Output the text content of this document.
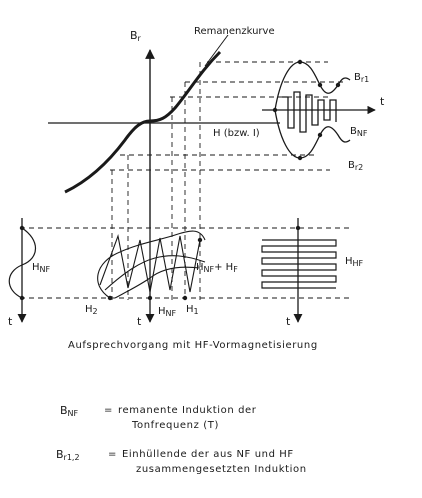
$B_r$
Remanenzkurve
t
H (bzw. I)
$B_{r1}$
$B_{NF}$
$B_{r2}$
$H_{NF}$	$H_{NF}+ H_F$
$H_{HF}$
$H_2$	$H_{NF}$ $H_1$
t	t	t
Aufsprechvorgang mit HF-Vormagnetisierung
$B_{NF}$	= remanente Induktion der
Tonfrequenz (T)
$B_{r1,2}$	= Einhüllende der aus NF und HF
zusammengesetzten Induktion
